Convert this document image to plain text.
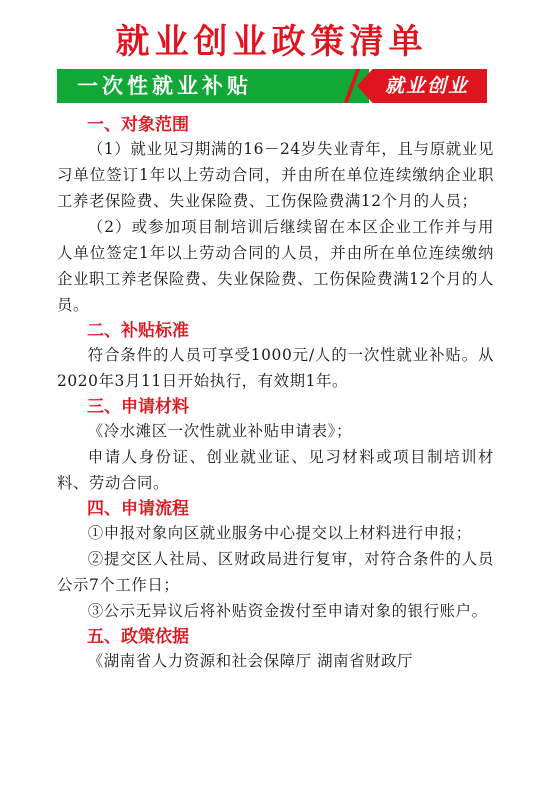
就业创业政策清单
一次性就业补贴	就业创业
一、对象范围
（1）就业见习期满的16－24岁失业青年，且与原就业见习单位签订1年以上劳动合同，并由所在单位连续缴纳企业职工养老保险费、失业保险费、工伤保险费满12个月的人员；
（2）或参加项目制培训后继续留在本区企业工作并与用人单位签定1年以上劳动合同的人员，并由所在单位连续缴纳企业职工养老保险费、失业保险费、工伤保险费满12个月的人员。
二、补贴标准
符合条件的人员可享受1000元/人的一次性就业补贴。从2020年3月11日开始执行，有效期1年。
三、申请材料
《冷水滩区一次性就业补贴申请表》；
申请人身份证、创业就业证、见习材料或项目制培训材料、劳动合同。
四、申请流程
①申报对象向区就业服务中心提交以上材料进行申报；
②提交区人社局、区财政局进行复审，对符合条件的人员公示7个工作日；
③公示无异议后将补贴资金拨付至申请对象的银行账户。
五、政策依据
《湖南省人力资源和社会保障厅 湖南省财政厅
